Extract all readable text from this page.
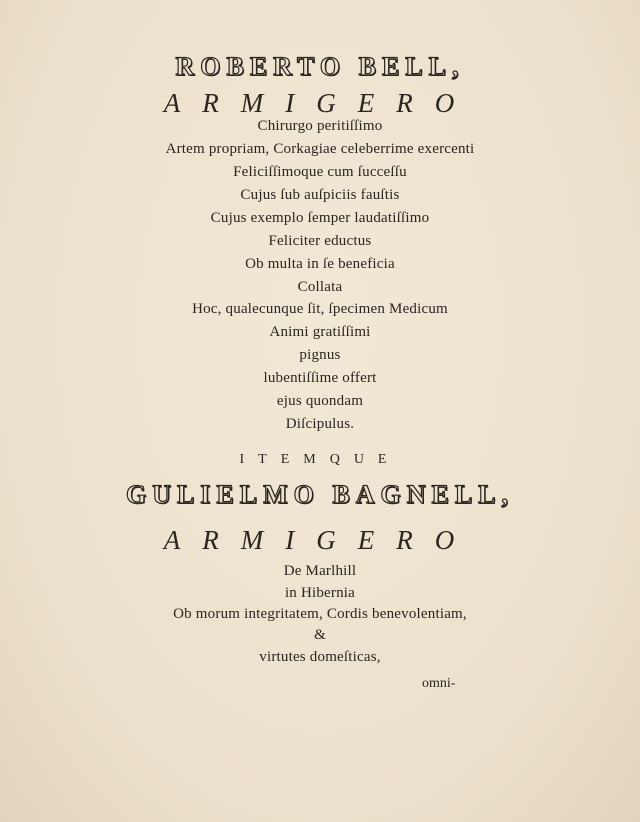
ROBERTO BELL,
ARMIGERO
Chirurgo peritiſſimo
Artem propriam, Corkagiae celeberrime exercenti
Feliciſſimoque cum ſucceſſu
Cujus ſub auſpiciis fauſtis
Cujus exemplo ſemper laudatiſſimo
Feliciter eductus
Ob multa in ſe beneficia
Collata
Hoc, qualecunque ſit, ſpecimen Medicum
Animi gratiſſimi
pignus
lubentiſſime offert
ejus quondam
Diſcipulus.
ITEMQUE
GULIELMO BAGNELL,
ARMIGERO
De Marlhill
in Hibernia
Ob morum integritatem, Cordis benevolentiam,
&
virtutes domeſticas,
omni-
